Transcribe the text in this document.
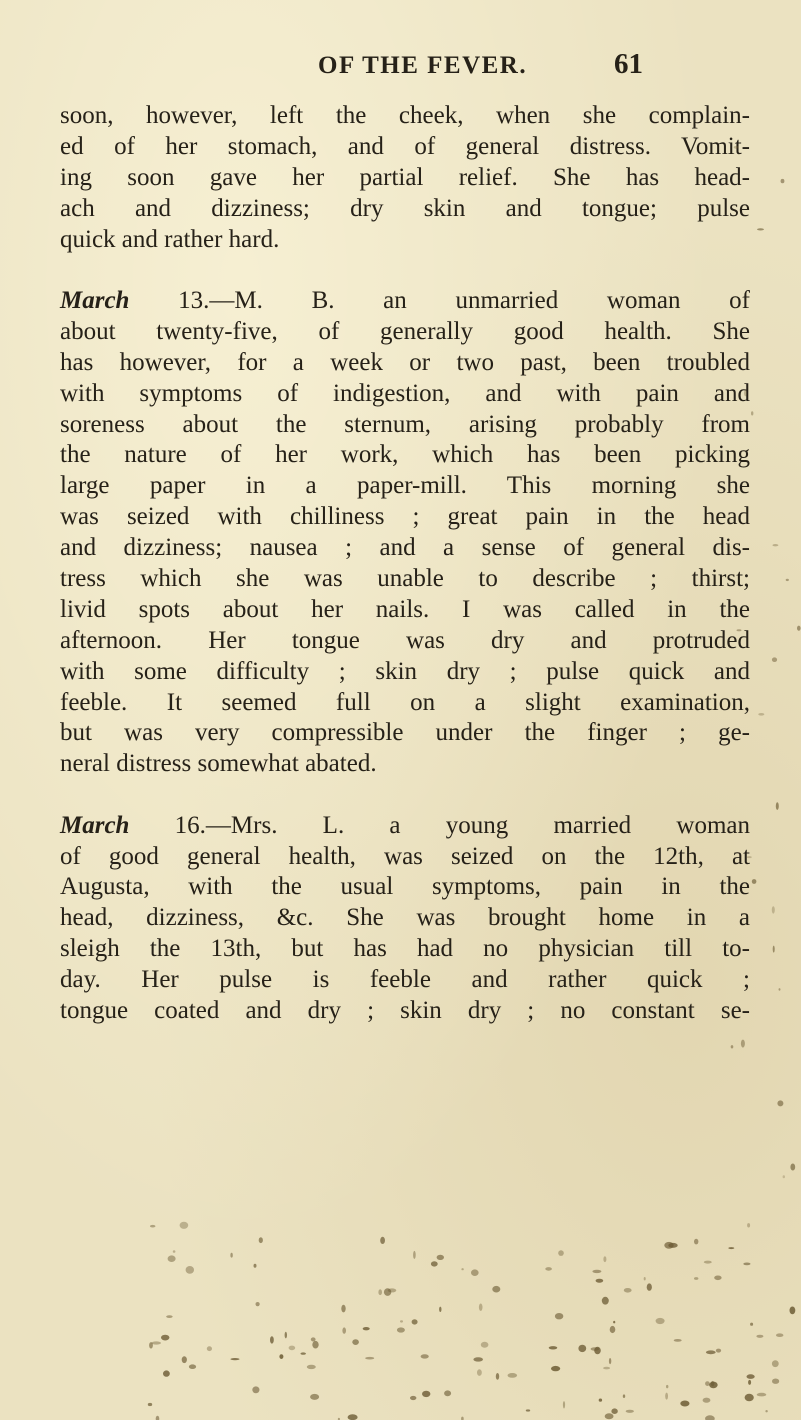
OF THE FEVER.	61
soon, however, left the cheek, when she complain-
ed of her stomach, and of general distress. Vomit-
ing soon gave her partial relief. She has head-
ach and dizziness; dry skin and tongue; pulse
quick and rather hard.
March 13.—M. B. an unmarried woman of
about twenty-five, of generally good health. She
has however, for a week or two past, been troubled
with symptoms of indigestion, and with pain and
soreness about the sternum, arising probably from
the nature of her work, which has been picking
large paper in a paper-mill. This morning she
was seized with chilliness ; great pain in the head
and dizziness; nausea ; and a sense of general dis-
tress which she was unable to describe ; thirst;
livid spots about her nails. I was called in the
afternoon. Her tongue was dry and protruded
with some difficulty ; skin dry ; pulse quick and
feeble. It seemed full on a slight examination,
but was very compressible under the finger ; ge-
neral distress somewhat abated.
March 16.—Mrs. L. a young married woman
of good general health, was seized on the 12th, at
Augusta, with the usual symptoms, pain in the
head, dizziness, &c. She was brought home in a
sleigh the 13th, but has had no physician till to-
day. Her pulse is feeble and rather quick ;
tongue coated and dry ; skin dry ; no constant se-
